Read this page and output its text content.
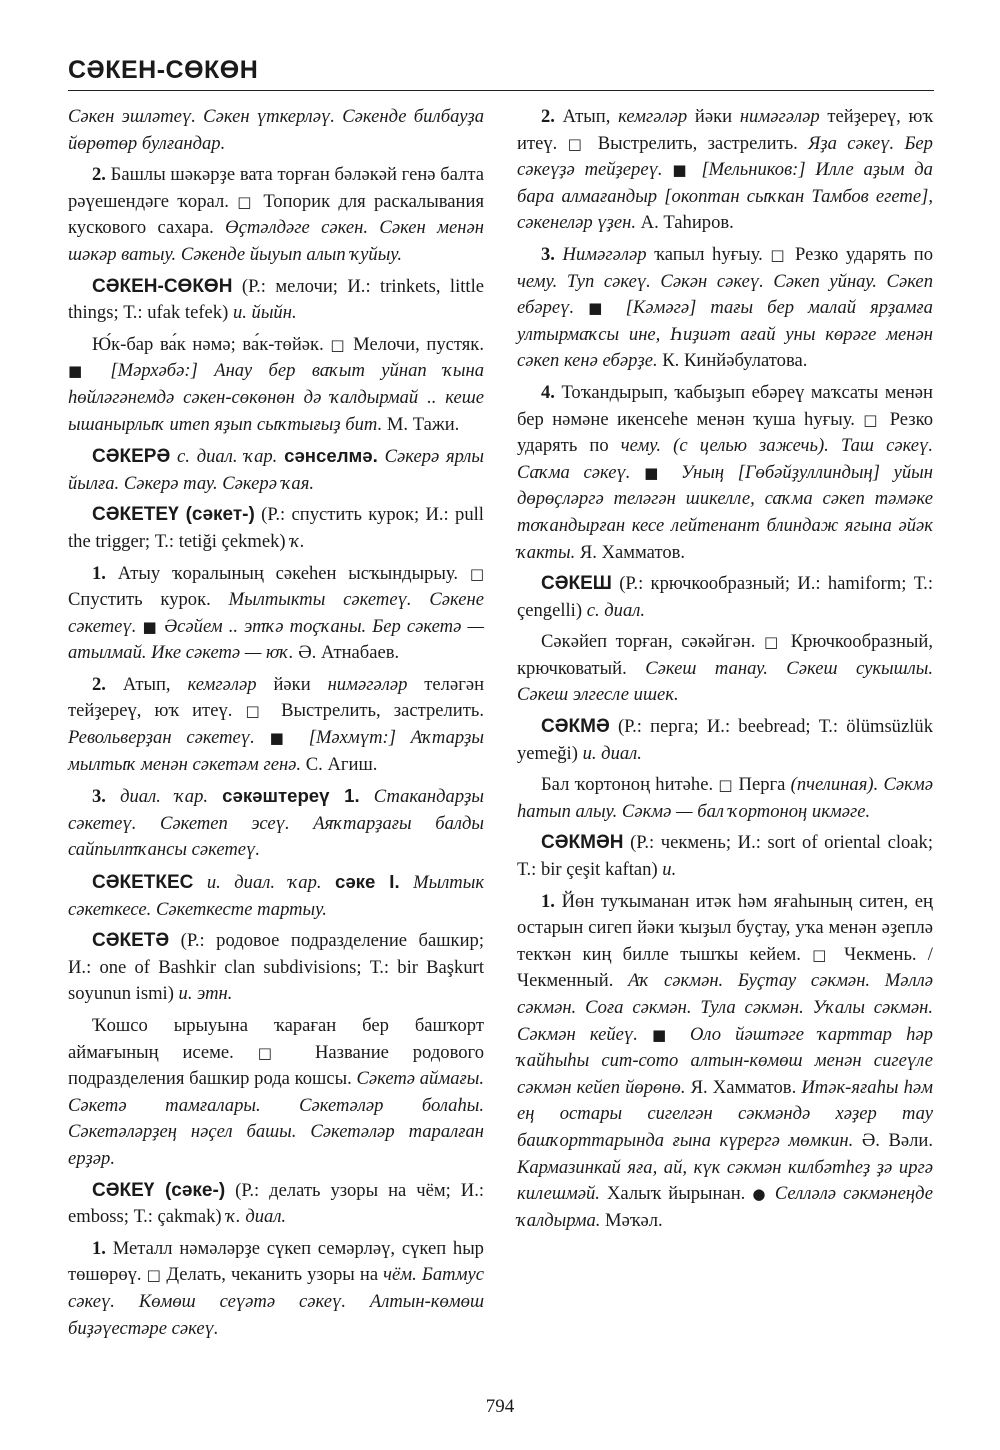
СӘКЕН-СӨКӨН

Сәкен эшләтеү. Сәкен үткерләү. Сәкенде билбауҙа йөрөтөр булғандар.

2. Башлы шәкәрҙе вата торған бәләкәй генә балта рәүешендәге ҡорал. □ Топорик для раскалывания кускового сахара. Өҫтәлдәге сәкен. Сәкен менән шәкәр ватыу. Сәкенде йыуып алып ҡуйыу.

СӘКЕН-СӨКӨН (Р.: мелочи; И.: trinkets, little things; Т.: ufak tefek) и. йыйн.

Ю́к-бар ва́к нәмә; ва́к-төйәк. □ Мелочи, пустяк. ■ [Мәрхәбә:] Анау бер ваҡыт уйнап ҡына һөйләгәнемдә сәкен-сөкөнөн дә ҡалдырмай .. кеше ышанырлыҡ итеп яҙып сыҡтығыҙ бит. М. Тажи.

СӘКЕРӘ с. диал. ҡар. сәнселмә. Сәкерә ярлы йылға. Сәкерә тау. Сәкерә ҡая.

СӘКЕТЕҮ (сәкет-) (Р.: спустить курок; И.: pull the trigger; Т.: tetiği çekmek) ҡ.

1. Атыу ҡоралының сәкеһен ысҡындырыу. □ Спустить курок. Мылтыкты сәкетеү. Сәкене сәкетеү. ■ Әсәйем .. этҡә тоҫҡаны. Бер сәкетә — атылмай. Ике сәкетә — юҡ. Ә. Атнабаев.

2. Атып, кемгәләр йәки нимәгәләр теләгән тейҙереү, юҡ итеү. □ Выстрелить, застрелить. Револьверҙан сәкетеү. ■ [Мәхмүт:] Аҡтарҙы мылтыҡ менән сәкетәм генә. С. Агиш.

3. диал. ҡар. сәкәштереү 1. Стакандарҙы сәкетеү. Сәкетеп эсеү. Аяҡтарҙағы балды сайпылтҡансы сәкетеү.

СӘКЕТКЕС и. диал. ҡар. сәке I. Мылтык сәкеткесе. Сәкеткесте тартыу.

СӘКЕТӘ (Р.: родовое подразделение башкир; И.: one of Bashkir clan subdivisions; Т.: bir Başkurt soyunun ismi) и. этн.

Ҡошсо ырыуына ҡараған бер башҡорт аймағының исеме. □ Название родового подразделения башкир рода кошсы. Сәкетә аймағы. Сәкетә тамғалары. Сәкетәләр болаһы. Сәкетәләрҙең нәҫел башы. Сәкетәләр таралған ерҙәр.

СӘКЕҮ (сәке-) (Р.: делать узоры на чём; И.: emboss; Т.: çakmak) ҡ. диал.

1. Металл нәмәләрҙе сүкеп семәрләү, сүкеп һыр төшөрөү. □ Делать, чеканить узоры на чём. Батмус сәкеү. Көмөш сеүәтә сәкеү. Алтын-көмөш биҙәүестәре сәкеү.

2. Атып, кемгәләр йәки нимәгәләр тейҙереү, юҡ итеү. □ Выстрелить, застрелить. Яҙа сәкеү. Бер сәкеүҙә тейҙереү. ■ [Мельников:] Илле аҙым да бара алмағандыр [окоптан сыҡкан Тамбов егете], сәкенеләр үҙен. А. Таһиров.

3. Нимәгәләр ҡапыл һуғыу. □ Резко ударять по чему. Туп сәкеү. Сәкән сәкеү. Сәкеп уйнау. Сәкеп ебәреү. ■ [Кәмәгә] тағы бер малай ярҙамға ултырмаҡсы ине, Һиҙиәт ағай уны көрәге менән сәкеп кенә ебәрҙе. К. Кинйәбулатова.

4. Тоҡандырып, ҡабыҙып ебәреү маҡсаты менән бер нәмәне икенсеһе менән ҡуша һуғыу. □ Резко ударять по чему. (с целью зажечь). Таш сәкеү. Саҡма сәкеү. ■ Уның [Гөбәйҙуллиндың] уйын дөрөҫләргә теләгән шикелле, саҡма сәкеп тәмәке тоҡандырған кесе лейтенант блиндаж ягына әйәк ҡакты. Я. Хамматов.

СӘКЕШ (Р.: крючкообразный; И.: hamiform; Т.: çengelli) с. диал.

Сәкәйеп торған, сәкәйгән. □ Крючкообразный, крючковатый. Сәкеш танау. Сәкеш сукышлы. Сәкеш элгесле ишек.

СӘКМӘ (Р.: перга; И.: beebread; Т.: ölümsüzlük yemeği) и. диал.

Бал ҡортоноң һитәһе. □ Перга (пчелиная). Сәкмә һатып алыу. Сәкмә — бал ҡортоноң икмәге.

СӘКМӘН (Р.: чекмень; И.: sort of oriental cloak; Т.: bir çeşit kaftan) и.

1. Йөн туҡыманан итәк һәм яғаһының ситен, ең остарын сигеп йәки ҡыҙыл буҫтау, уҡа менән әҙеплә текҡән киң билле тышҡы кейем. □ Чекмень. / Чекменный. Аҡ сәкмән. Буҫтау сәкмән. Мәллә сәкмән. Соға сәкмән. Тула сәкмән. Уҡалы сәкмән. Сәкмән кейеү. ■ Оло йәштәге ҡарттар һәр ҡайһыһы сит-сото алтын-көмөш менән сигеүле сәкмән кейеп йөрөнө. Я. Хамматов. Итәк-яғаһы һәм ең остары сигелгән сәкмәндә хәҙер тау башҡорттарында ғына күрергә мөмкин. Ә. Вәли. Кармазинкай яға, ай, күк сәкмән килбәтһеҙ ҙә иргә килешмәй. Халыҡ йырынан. ● Селләлә сәкмәнеңде ҡалдырма. Мәҡәл.

794
